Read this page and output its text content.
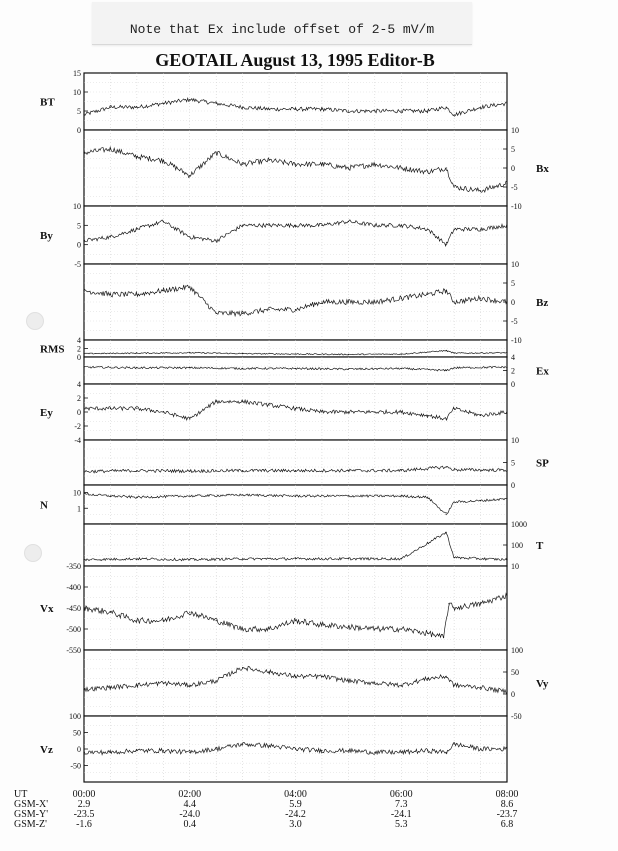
Note that Ex include offset of 2-5 mV/m
GEOTAIL August 13, 1995 Editor-B
15
10
5
0
BT
10
5
0
-5
-10
Bx
10
5
0
-5
By
10
5
0
-5
-10
Bz
4
2
0
RMS
4
2
0
Ex
4
2
0
-2
-4
Ey
10
5
0
SP
10
1
N
1000
100
10
T
-350
-400
-450
-500
-550
Vx
100
50
0
-50
Vy
100
50
0
-50
Vz
UT	00:00	02:00	04:00	06:00	08:00
GSM-X'	2.9	4.4	5.9	7.3	8.6
GSM-Y'	-23.5	-24.0	-24.2	-24.1	-23.7
GSM-Z'	-1.6	0.4	3.0	5.3	6.8
